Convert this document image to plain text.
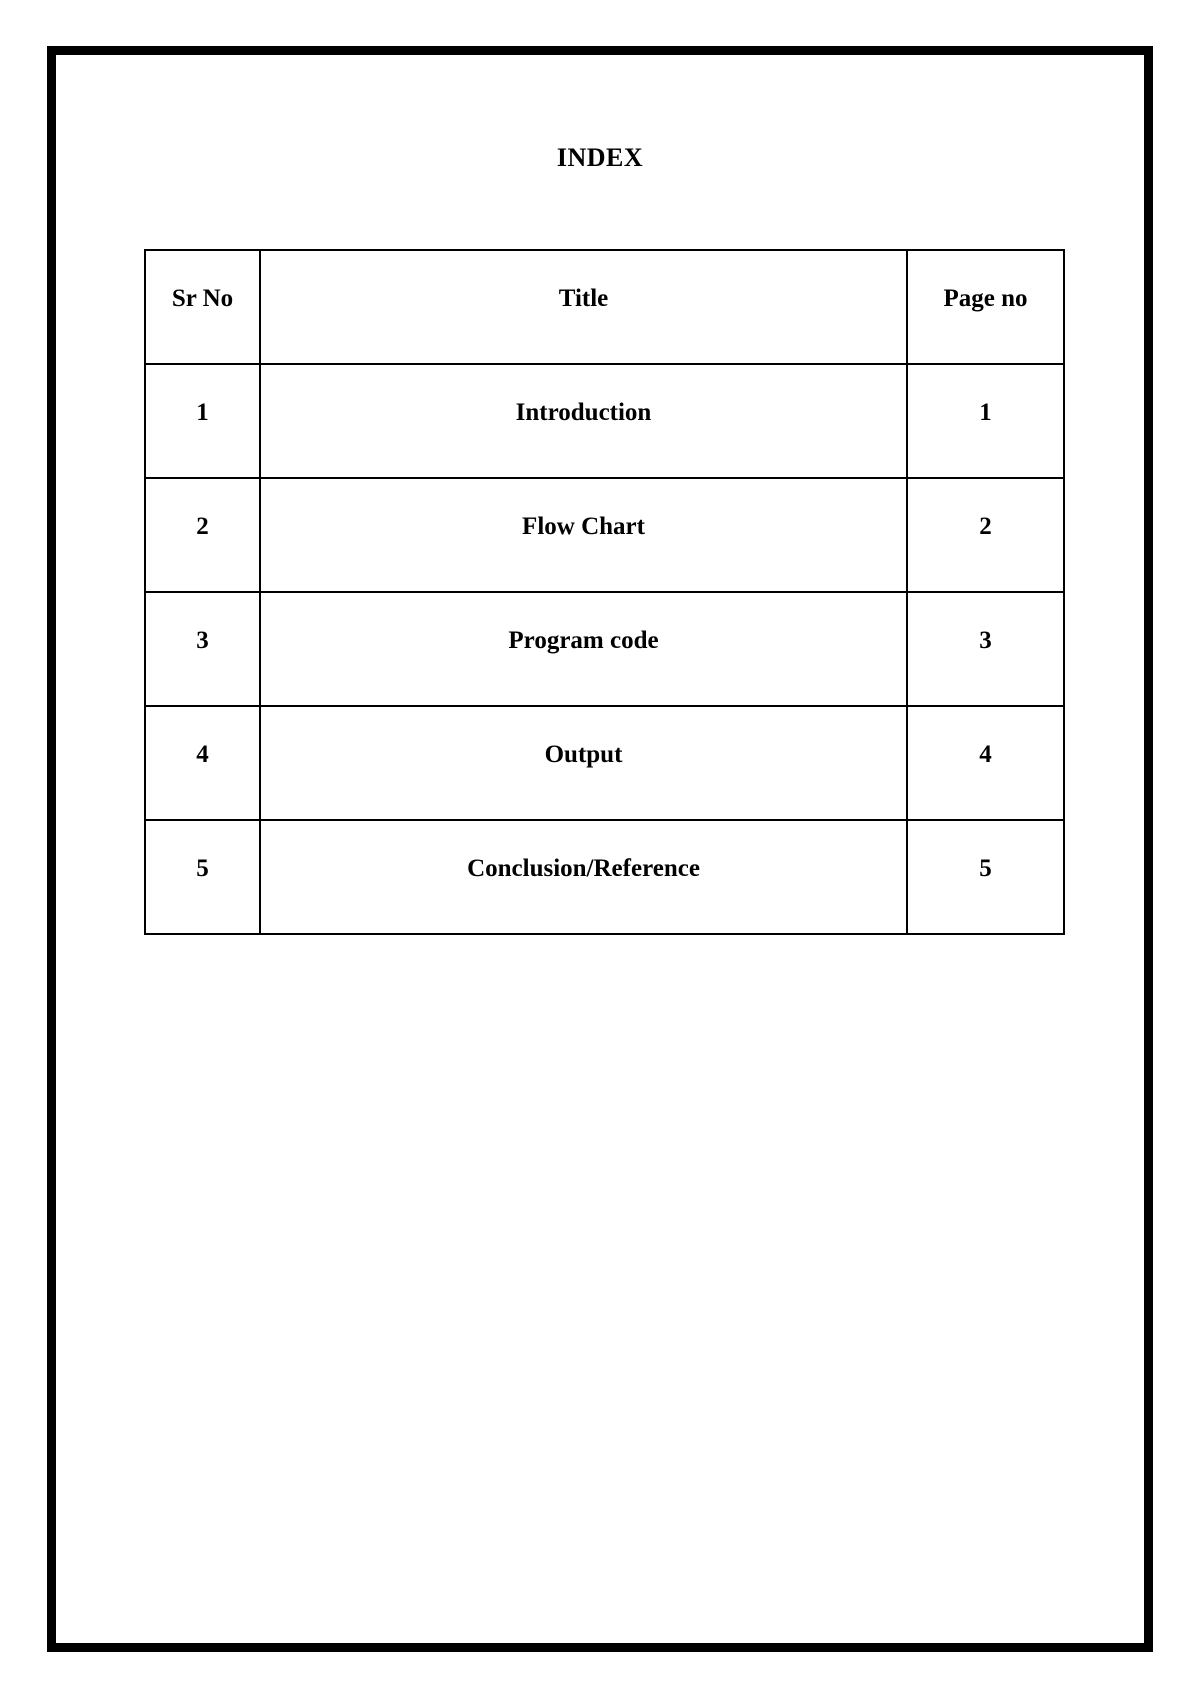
INDEX
Sr No	Title	Page no

1	Introduction	1

2	Flow Chart	2

3	Program code	3

4	Output	4

5	Conclusion/Reference	5
